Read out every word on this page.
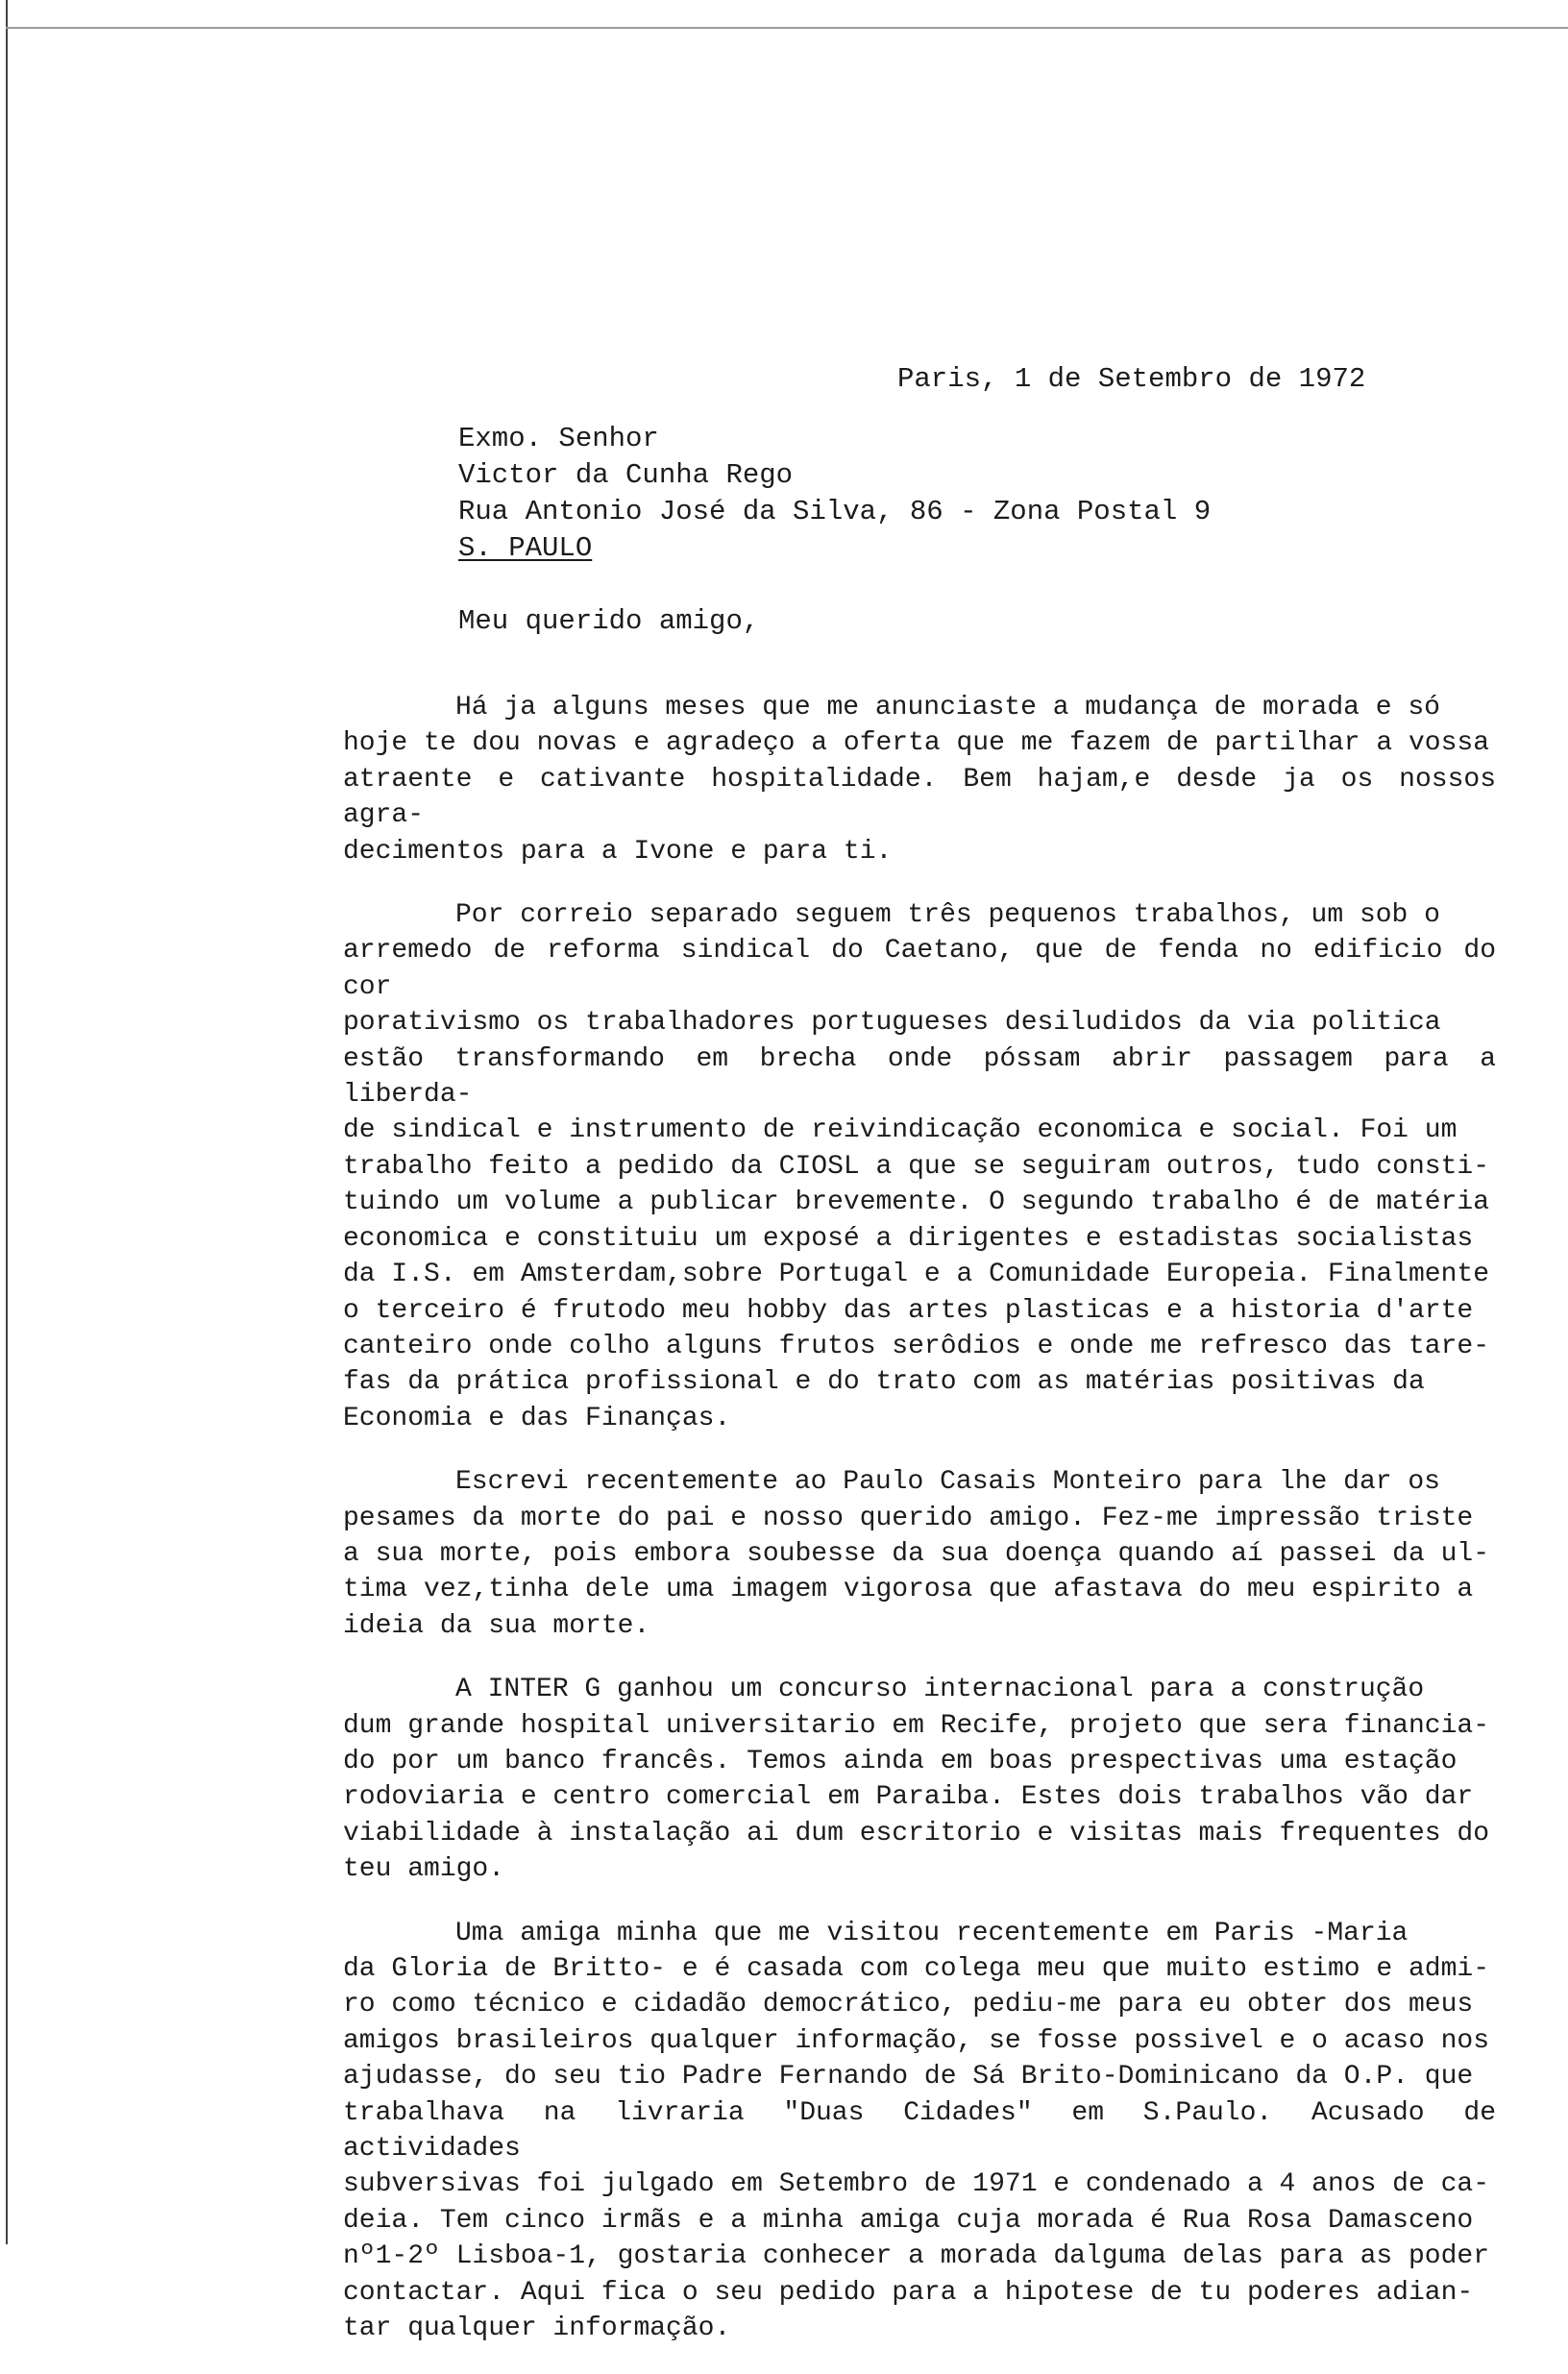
Paris, 1 de Setembro de 1972
Exmo. Senhor
Victor da Cunha Rego
Rua Antonio José da Silva, 86 - Zona Postal 9
S. PAULO
Meu querido amigo,

Há ja alguns meses que me anunciaste a mudança de morada e só
hoje te dou novas e agradeço a oferta que me fazem de partilhar a vossa
atraente e cativante hospitalidade. Bem hajam,e desde ja os nossos agra-
decimentos para a Ivone e para ti.

Por correio separado seguem três pequenos trabalhos, um sob o
arremedo de reforma sindical do Caetano, que de fenda no edificio do cor
porativismo os trabalhadores portugueses desiludidos da via politica
estão transformando em brecha onde póssam abrir passagem para a liberda-
de sindical e instrumento de reivindicação economica e social. Foi um
trabalho feito a pedido da CIOSL a que se seguiram outros, tudo consti-
tuindo um volume a publicar brevemente. O segundo trabalho é de matéria
economica e constituiu um exposé a dirigentes e estadistas socialistas
da I.S. em Amsterdam,sobre Portugal e a Comunidade Europeia. Finalmente
o terceiro é frutodo meu hobby das artes plasticas e a historia d'arte
canteiro onde colho alguns frutos serôdios e onde me refresco das tare-
fas da prática profissional e do trato com as matérias positivas da
Economia e das Finanças.

Escrevi recentemente ao Paulo Casais Monteiro para lhe dar os
pesames da morte do pai e nosso querido amigo. Fez-me impressão triste
a sua morte, pois embora soubesse da sua doença quando aí passei da ul-
tima vez,tinha dele uma imagem vigorosa que afastava do meu espirito a
ideia da sua morte.

A INTER G ganhou um concurso internacional para a construção
dum grande hospital universitario em Recife, projeto que sera financia-
do por um banco francês. Temos ainda em boas prespectivas uma estação
rodoviaria e centro comercial em Paraiba. Estes dois trabalhos vão dar
viabilidade à instalação ai dum escritorio e visitas mais frequentes do
teu amigo.

Uma amiga minha que me visitou recentemente em Paris -Maria
da Gloria de Britto- e é casada com colega meu que muito estimo e admi-
ro como técnico e cidadão democrático, pediu-me para eu obter dos meus
amigos brasileiros qualquer informação, se fosse possivel e o acaso nos
ajudasse, do seu tio Padre Fernando de Sá Brito-Dominicano da O.P. que
trabalhava na livraria "Duas Cidades" em S.Paulo. Acusado de actividades
subversivas foi julgado em Setembro de 1971 e condenado a 4 anos de ca-
deia. Tem cinco irmãs e a minha amiga cuja morada é Rua Rosa Damasceno
nº1-2º Lisboa-1, gostaria conhecer a morada dalguma delas para as poder
contactar. Aqui fica o seu pedido para a hipotese de tu poderes adian-
tar qualquer informação.
